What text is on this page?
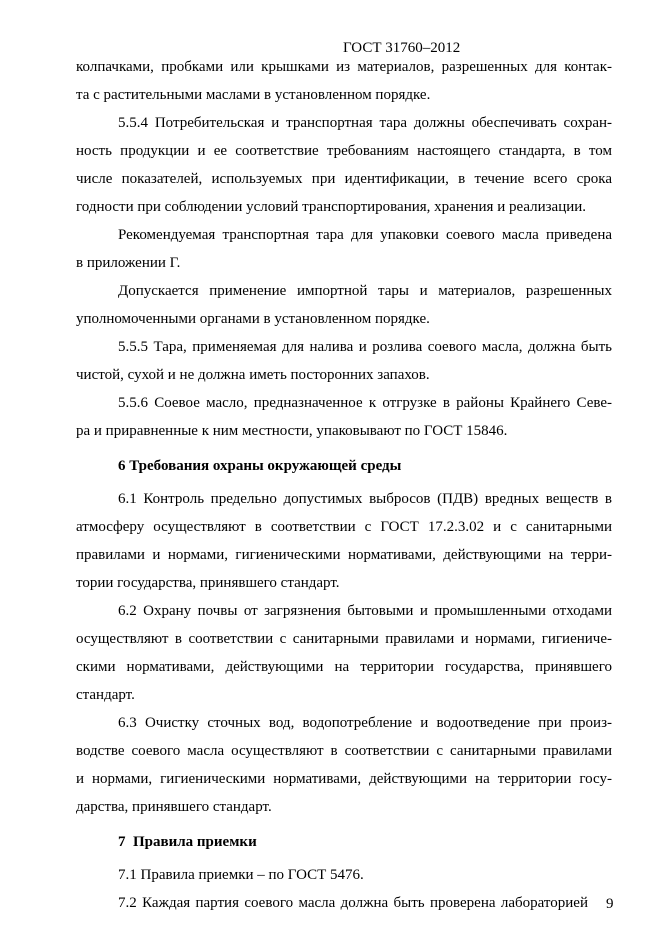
ГОСТ 31760–2012
колпачками, пробками или крышками из материалов, разрешенных для контак-
та с растительными маслами в установленном порядке.
5.5.4 Потребительская и транспортная тара должны обеспечивать сохран-
ность продукции и ее соответствие требованиям настоящего стандарта, в том
числе показателей, используемых при идентификации, в течение всего срока
годности при соблюдении условий транспортирования, хранения и реализации.
Рекомендуемая транспортная тара для упаковки соевого масла приведена
в приложении Г.
Допускается применение импортной тары и материалов, разрешенных
уполномоченными органами в установленном порядке.
5.5.5 Тара, применяемая для налива и розлива соевого масла, должна быть
чистой, сухой и не должна иметь посторонних запахов.
5.5.6 Соевое масло, предназначенное к отгрузке в районы Крайнего Севе-
ра и приравненные к ним местности, упаковывают по ГОСТ 15846.
6 Требования охраны окружающей среды
6.1 Контроль предельно допустимых выбросов (ПДВ) вредных веществ в
атмосферу осуществляют в соответствии с ГОСТ 17.2.3.02 и с санитарными
правилами и нормами, гигиеническими нормативами, действующими на терри-
тории государства, принявшего стандарт.
6.2 Охрану почвы от загрязнения бытовыми и промышленными отходами
осуществляют в соответствии с санитарными правилами и нормами, гигиениче-
скими нормативами, действующими на территории государства, принявшего
стандарт.
6.3 Очистку сточных вод, водопотребление и водоотведение при произ-
водстве соевого масла осуществляют в соответствии с санитарными правилами
и нормами, гигиеническими нормативами, действующими на территории госу-
дарства, принявшего стандарт.
7  Правила приемки
7.1 Правила приемки – по ГОСТ 5476.
7.2 Каждая партия соевого масла должна быть проверена лабораторией 9
